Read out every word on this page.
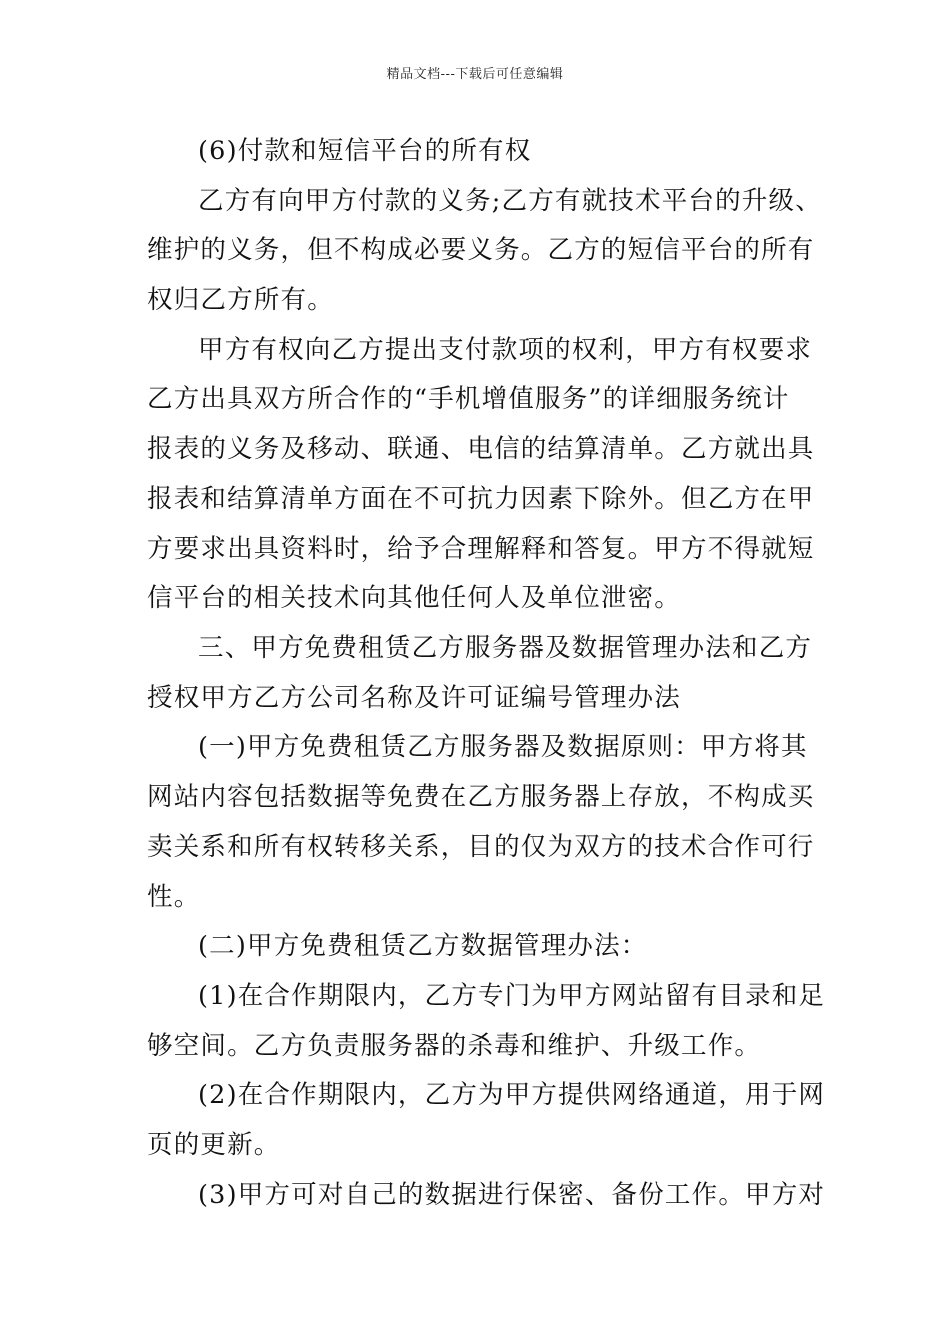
精品文档---下载后可任意编辑
(6)付款和短信平台的所有权
乙方有向甲方付款的义务;乙方有就技术平台的升级、
维护的义务，但不构成必要义务。乙方的短信平台的所有
权归乙方所有。
甲方有权向乙方提出支付款项的权利，甲方有权要求
乙方出具双方所合作的“手机增值服务”的详细服务统计
报表的义务及移动、联通、电信的结算清单。乙方就出具
报表和结算清单方面在不可抗力因素下除外。但乙方在甲
方要求出具资料时，给予合理解释和答复。甲方不得就短
信平台的相关技术向其他任何人及单位泄密。
三、甲方免费租赁乙方服务器及数据管理办法和乙方
授权甲方乙方公司名称及许可证编号管理办法
(一)甲方免费租赁乙方服务器及数据原则：甲方将其
网站内容包括数据等免费在乙方服务器上存放，不构成买
卖关系和所有权转移关系，目的仅为双方的技术合作可行
性。
(二)甲方免费租赁乙方数据管理办法：
(1)在合作期限内，乙方专门为甲方网站留有目录和足
够空间。乙方负责服务器的杀毒和维护、升级工作。
(2)在合作期限内，乙方为甲方提供网络通道，用于网
页的更新。
(3)甲方可对自己的数据进行保密、备份工作。甲方对
